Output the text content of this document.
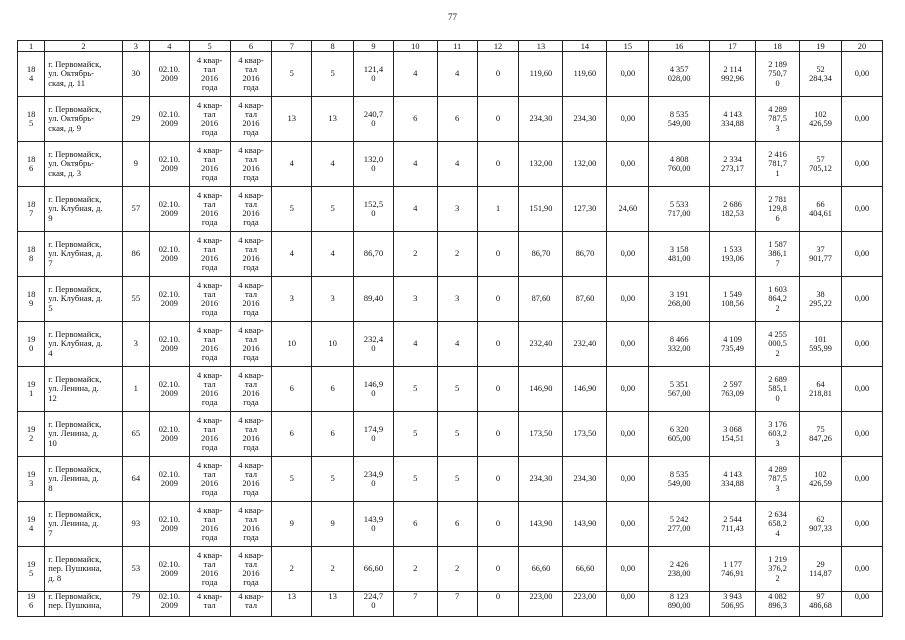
77
1	2	3	4	5	6	7	8	9	10	11	12	13	14	15	16	17	18	19	20
18
4	г. Первомайск,
ул. Октябрь-
ская, д. 11	30	02.10.
2009	4 квар-
тал
2016
года	4 квар-
тал
2016
года	5	5	121,4
0	4	4	0	119,60	119,60	0,00	4 357
028,00	2 114
992,96	2 189
750,7
0	52
284,34	0,00
18
5	г. Первомайск,
ул. Октябрь-
ская, д. 9	29	02.10.
2009	4 квар-
тал
2016
года	4 квар-
тал
2016
года	13	13	240,7
0	6	6	0	234,30	234,30	0,00	8 535
549,00	4 143
334,88	4 289
787,5
3	102
426,59	0,00
18
6	г. Первомайск,
ул. Октябрь-
ская, д. 3	9	02.10.
2009	4 квар-
тал
2016
года	4 квар-
тал
2016
года	4	4	132,0
0	4	4	0	132,00	132,00	0,00	4 808
760,00	2 334
273,17	2 416
781,7
1	57
705,12	0,00
18
7	г. Первомайск,
ул. Клубная, д.
9	57	02.10.
2009	4 квар-
тал
2016
года	4 квар-
тал
2016
года	5	5	152,5
0	4	3	1	151,90	127,30	24,60	5 533
717,00	2 686
182,53	2 781
129,8
6	66
404,61	0,00
18
8	г. Первомайск,
ул. Клубная, д.
7	86	02.10.
2009	4 квар-
тал
2016
года	4 квар-
тал
2016
года	4	4	86,70	2	2	0	86,70	86,70	0,00	3 158
481,00	1 533
193,06	1 587
386,1
7	37
901,77	0,00
18
9	г. Первомайск,
ул. Клубная, д.
5	55	02.10.
2009	4 квар-
тал
2016
года	4 квар-
тал
2016
года	3	3	89,40	3	3	0	87,60	87,60	0,00	3 191
268,00	1 549
108,56	1 603
864,2
2	38
295,22	0,00
19
0	г. Первомайск,
ул. Клубная, д.
4	3	02.10.
2009	4 квар-
тал
2016
года	4 квар-
тал
2016
года	10	10	232,4
0	4	4	0	232,40	232,40	0,00	8 466
332,00	4 109
735,49	4 255
000,5
2	101
595,99	0,00
19
1	г. Первомайск,
ул. Ленина, д.
12	1	02.10.
2009	4 квар-
тал
2016
года	4 квар-
тал
2016
года	6	6	146,9
0	5	5	0	146,90	146,90	0,00	5 351
567,00	2 597
763,09	2 689
585,1
0	64
218,81	0,00
19
2	г. Первомайск,
ул. Ленина, д.
10	65	02.10.
2009	4 квар-
тал
2016
года	4 квар-
тал
2016
года	6	6	174,9
0	5	5	0	173,50	173,50	0,00	6 320
605,00	3 068
154,51	3 176
603,2
3	75
847,26	0,00
19
3	г. Первомайск,
ул. Ленина, д.
8	64	02.10.
2009	4 квар-
тал
2016
года	4 квар-
тал
2016
года	5	5	234,9
0	5	5	0	234,30	234,30	0,00	8 535
549,00	4 143
334,88	4 289
787,5
3	102
426,59	0,00
19
4	г. Первомайск,
ул. Ленина, д.
7	93	02.10.
2009	4 квар-
тал
2016
года	4 квар-
тал
2016
года	9	9	143,9
0	6	6	0	143,90	143,90	0,00	5 242
277,00	2 544
711,43	2 634
658,2
4	62
907,33	0,00
19
5	г. Первомайск,
пер. Пушкина,
д. 8	53	02.10.
2009	4 квар-
тал
2016
года	4 квар-
тал
2016
года	2	2	66,60	2	2	0	66,60	66,60	0,00	2 426
238,00	1 177
746,91	1 219
376,2
2	29
114,87	0,00
19
6	г. Первомайск,
пер. Пушкина,	79	02.10.
2009	4 квар-
тал	4 квар-
тал	13	13	224,7
0	7	7	0	223,00	223,00	0,00	8 123
890,00	3 943
506,95	4 082
896,3	97
486,68	0,00
